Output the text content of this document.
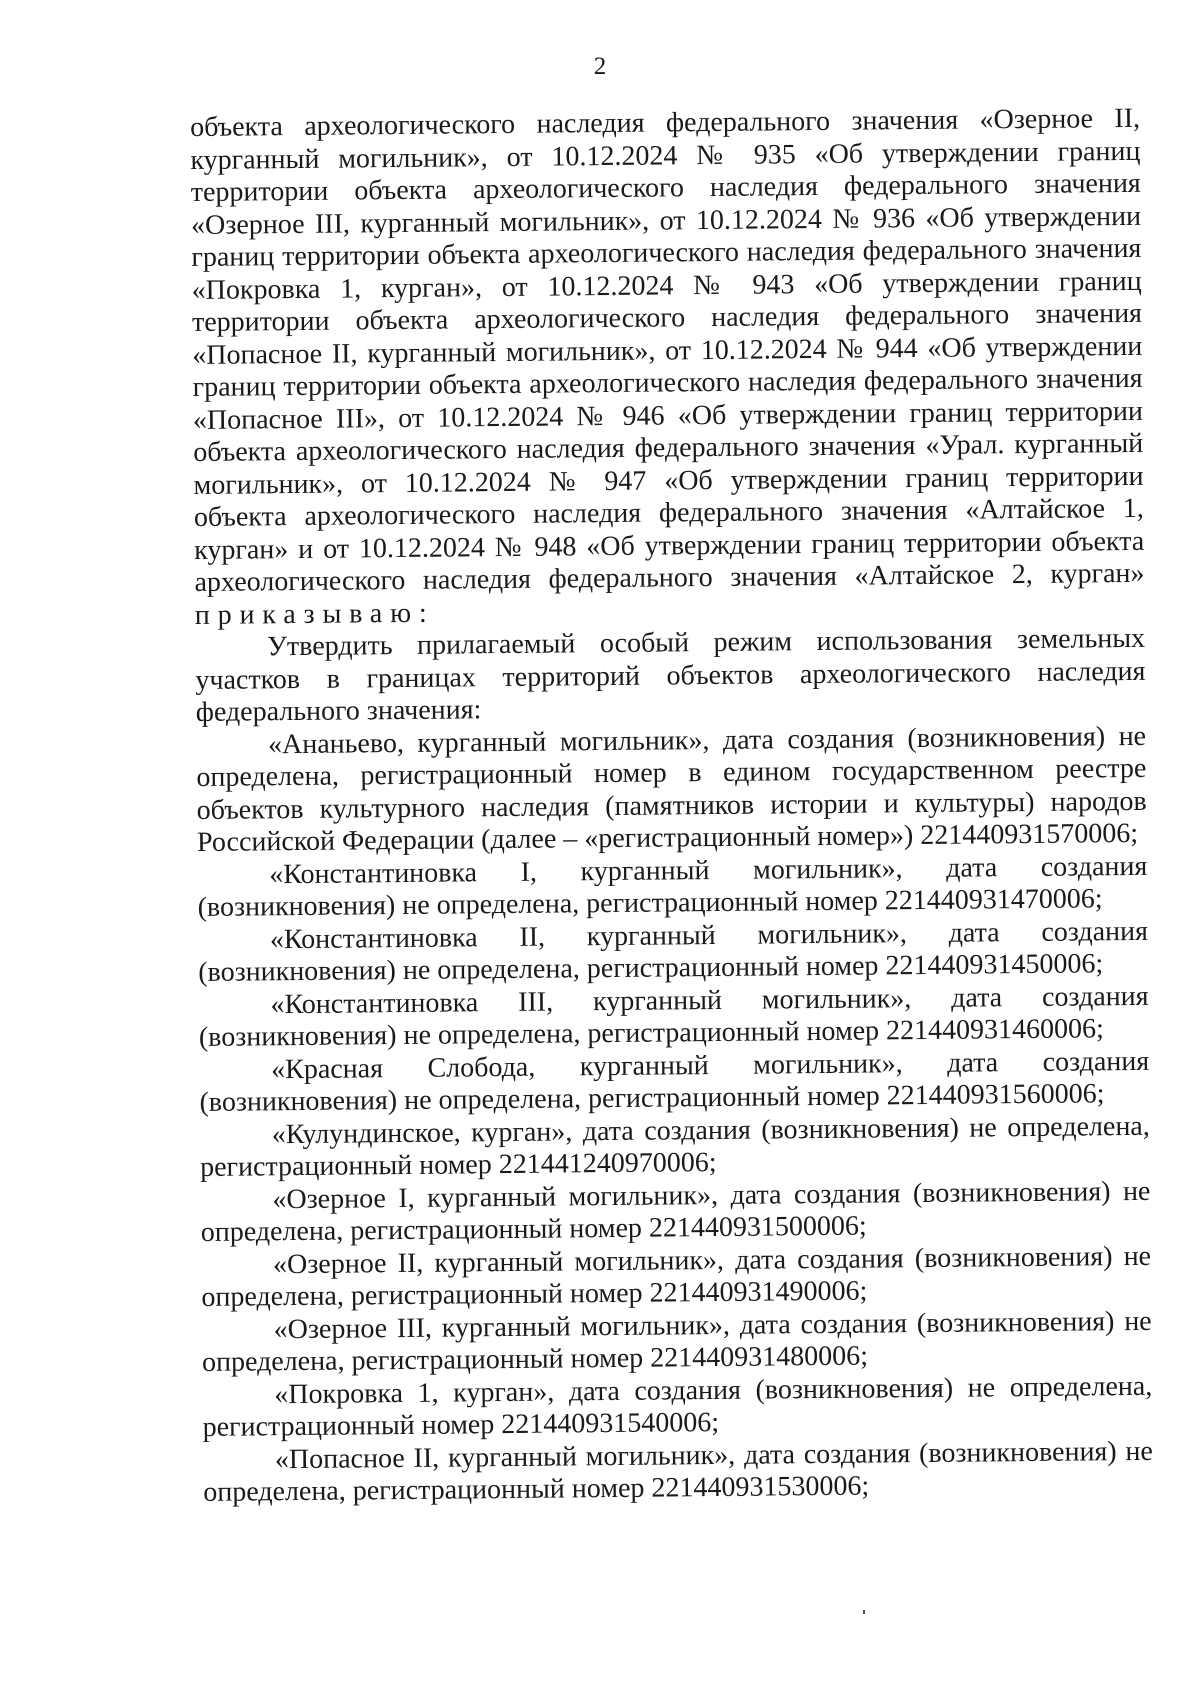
2

объекта археологического наследия федерального значения «Озерное II, курганный могильник», от 10.12.2024 № 935 «Об утверждении границ территории объекта археологического наследия федерального значения «Озерное III, курганный могильник», от 10.12.2024 № 936 «Об утверждении границ территории объекта археологического наследия федерального значения «Покровка 1, курган», от 10.12.2024 № 943 «Об утверждении границ территории объекта археологического наследия федерального значения «Попасное II, курганный могильник», от 10.12.2024 № 944 «Об утверждении границ территории объекта археологического наследия федерального значения «Попасное III», от 10.12.2024 № 946 «Об утверждении границ территории объекта археологического наследия федерального значения «Урал. курганный могильник», от 10.12.2024 № 947 «Об утверждении границ территории объекта археологического наследия федерального значения «Алтайское 1, курган» и от 10.12.2024 № 948 «Об утверждении границ территории объекта археологического наследия федерального значения «Алтайское 2, курган» приказываю:

Утвердить прилагаемый особый режим использования земельных участков в границах территорий объектов археологического наследия федерального значения:

«Ананьево, курганный могильник», дата создания (возникновения) не определена, регистрационный номер в едином государственном реестре объектов культурного наследия (памятников истории и культуры) народов Российской Федерации (далее – «регистрационный номер») 221440931570006;

«Константиновка I, курганный могильник», дата создания (возникновения) не определена, регистрационный номер 221440931470006;

«Константиновка II, курганный могильник», дата создания (возникновения) не определена, регистрационный номер 221440931450006;

«Константиновка III, курганный могильник», дата создания (возникновения) не определена, регистрационный номер 221440931460006;

«Красная Слобода, курганный могильник», дата создания (возникновения) не определена, регистрационный номер 221440931560006;

«Кулундинское, курган», дата создания (возникновения) не определена, регистрационный номер 221441240970006;

«Озерное I, курганный могильник», дата создания (возникновения) не определена, регистрационный номер 221440931500006;

«Озерное II, курганный могильник», дата создания (возникновения) не определена, регистрационный номер 221440931490006;

«Озерное III, курганный могильник», дата создания (возникновения) не определена, регистрационный номер 221440931480006;

«Покровка 1, курган», дата создания (возникновения) не определена, регистрационный номер 221440931540006;

«Попасное II, курганный могильник», дата создания (возникновения) не определена, регистрационный номер 221440931530006;
